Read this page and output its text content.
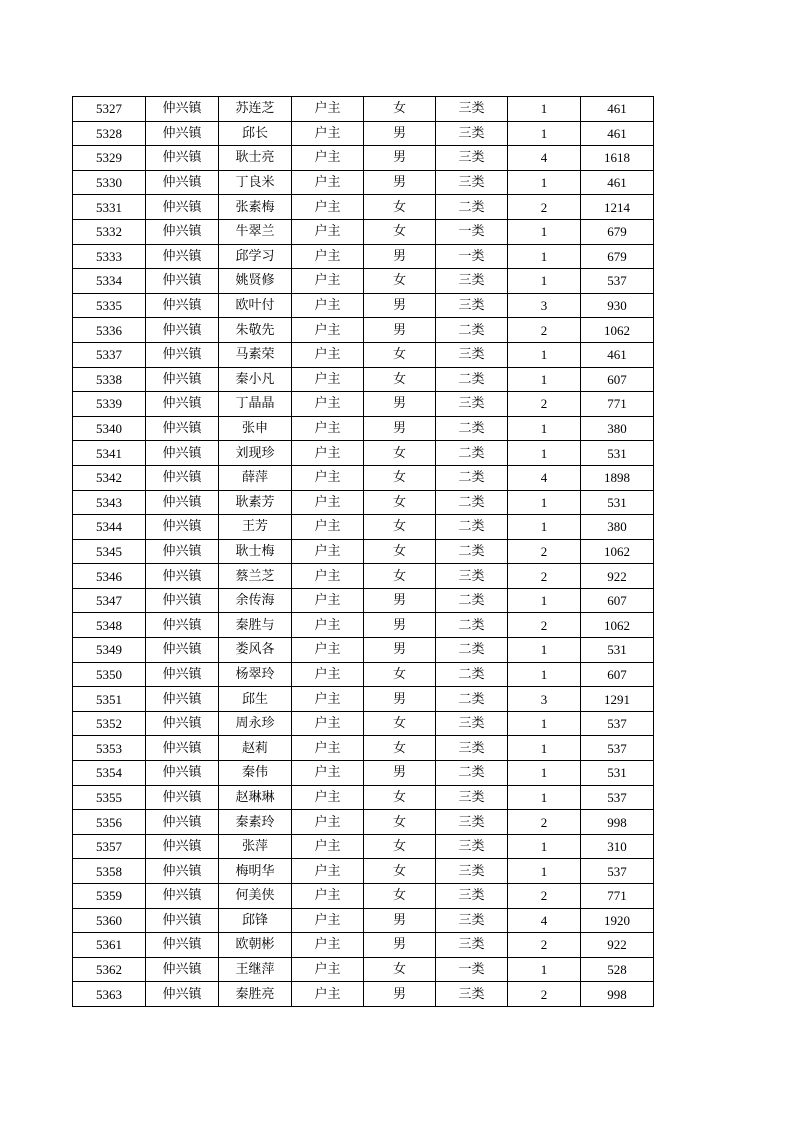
5327	仲兴镇	苏连芝	户主	女	三类	1	461
5328	仲兴镇	邱长	户主	男	三类	1	461
5329	仲兴镇	耿士亮	户主	男	三类	4	1618
5330	仲兴镇	丁良米	户主	男	三类	1	461
5331	仲兴镇	张素梅	户主	女	二类	2	1214
5332	仲兴镇	牛翠兰	户主	女	一类	1	679
5333	仲兴镇	邱学习	户主	男	一类	1	679
5334	仲兴镇	姚贤修	户主	女	三类	1	537
5335	仲兴镇	欧叶付	户主	男	三类	3	930
5336	仲兴镇	朱敬先	户主	男	二类	2	1062
5337	仲兴镇	马素荣	户主	女	三类	1	461
5338	仲兴镇	秦小凡	户主	女	二类	1	607
5339	仲兴镇	丁晶晶	户主	男	三类	2	771
5340	仲兴镇	张申	户主	男	二类	1	380
5341	仲兴镇	刘现珍	户主	女	二类	1	531
5342	仲兴镇	薛萍	户主	女	二类	4	1898
5343	仲兴镇	耿素芳	户主	女	二类	1	531
5344	仲兴镇	王芳	户主	女	二类	1	380
5345	仲兴镇	耿士梅	户主	女	二类	2	1062
5346	仲兴镇	蔡兰芝	户主	女	三类	2	922
5347	仲兴镇	余传海	户主	男	二类	1	607
5348	仲兴镇	秦胜与	户主	男	二类	2	1062
5349	仲兴镇	娄风各	户主	男	二类	1	531
5350	仲兴镇	杨翠玲	户主	女	二类	1	607
5351	仲兴镇	邱生	户主	男	二类	3	1291
5352	仲兴镇	周永珍	户主	女	三类	1	537
5353	仲兴镇	赵莉	户主	女	三类	1	537
5354	仲兴镇	秦伟	户主	男	二类	1	531
5355	仲兴镇	赵琳琳	户主	女	三类	1	537
5356	仲兴镇	秦素玲	户主	女	三类	2	998
5357	仲兴镇	张萍	户主	女	三类	1	310
5358	仲兴镇	梅明华	户主	女	三类	1	537
5359	仲兴镇	何美侠	户主	女	三类	2	771
5360	仲兴镇	邱锋	户主	男	三类	4	1920
5361	仲兴镇	欧朝彬	户主	男	三类	2	922
5362	仲兴镇	王继萍	户主	女	一类	1	528
5363	仲兴镇	秦胜亮	户主	男	三类	2	998
